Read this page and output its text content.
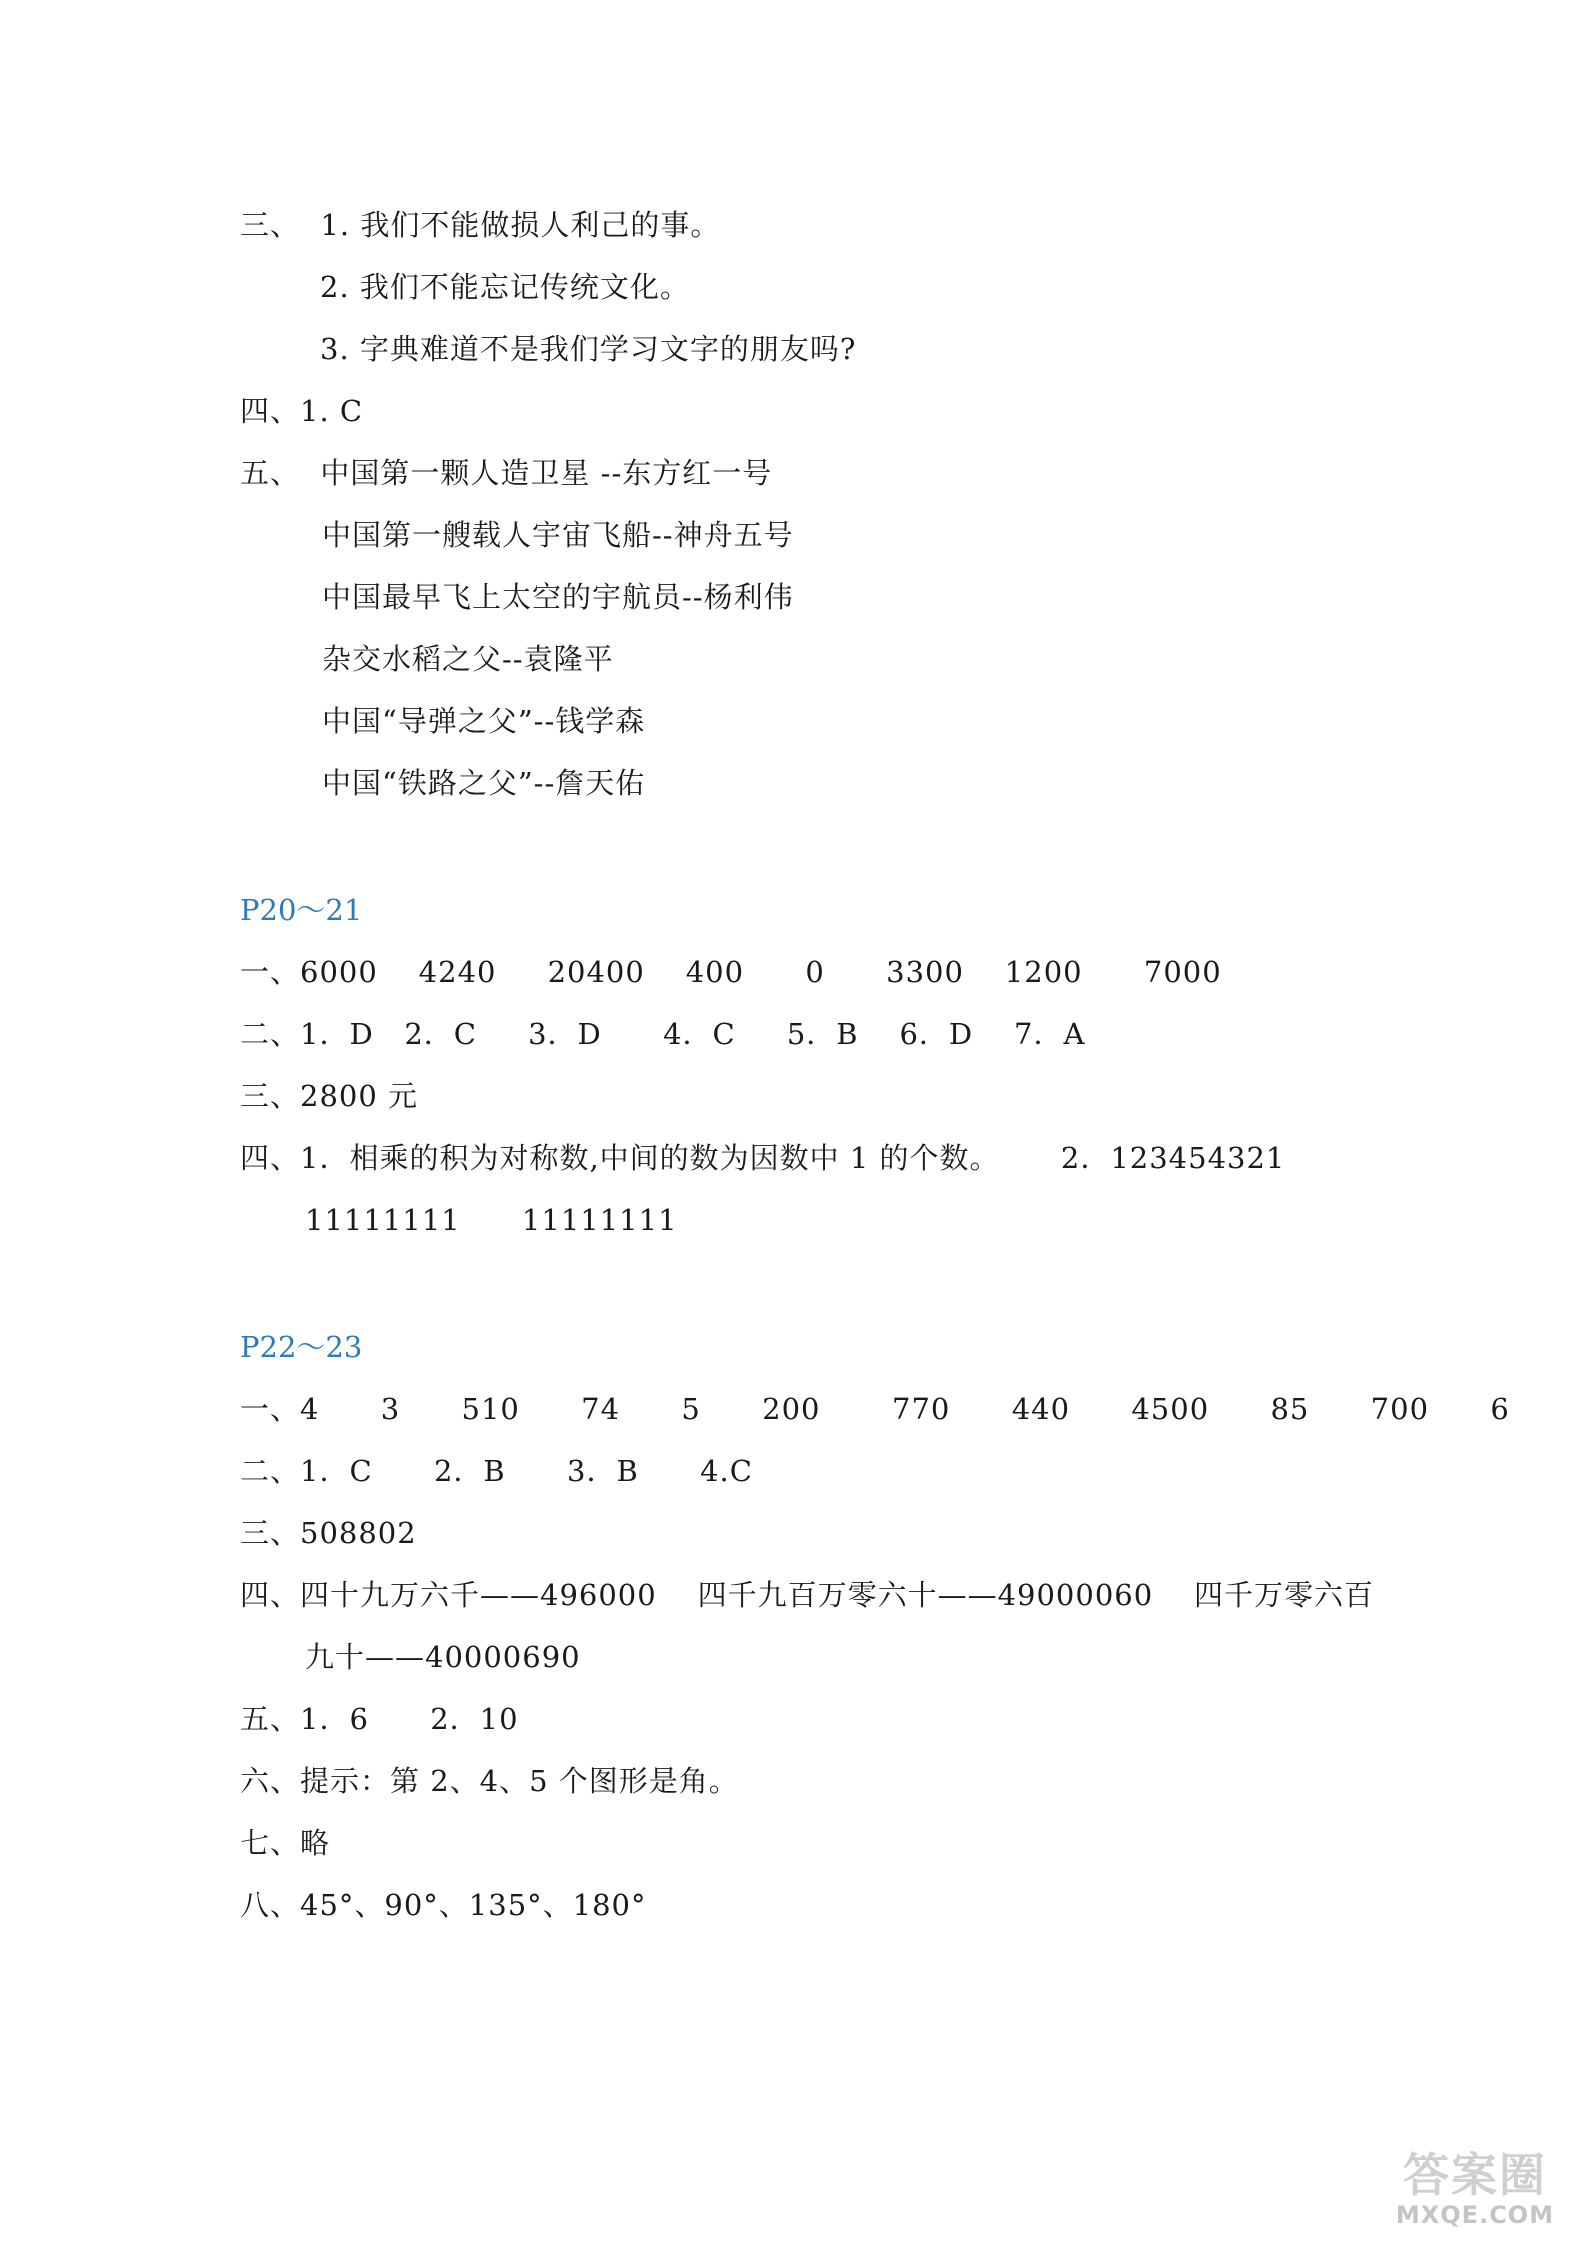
三、  1. 我们不能做损人利己的事。
2. 我们不能忘记传统文化。
3. 字典难道不是我们学习文字的朋友吗?
四、1. C
五、  中国第一颗人造卫星 --东方红一号
中国第一艘载人宇宙飞船--神舟五号
中国最早飞上太空的宇航员--杨利伟
杂交水稻之父--袁隆平
中国“导弹之父”--钱学森
中国“铁路之父”--詹天佑
P20～21
一、6000    4240     20400    400      0      3300    1200      7000
二、1．D   2．C     3．D      4．C     5．B    6．D    7．A
三、2800 元
四、1．相乘的积为对称数,中间的数为因数中 1 的个数。      2．123454321
11111111      11111111
P22～23
一、4      3      510      74      5      200       770      440      4500      85      700      6
二、1．C      2．B      3．B      4.C
三、508802
四、四十九万六千——496000    四千九百万零六十——49000060    四千万零六百
九十——40000690
五、1．6      2．10
六、提示：第 2、4、5 个图形是角。
七、略
八、45°、90°、135°、180°
答案圈
MXQE.COM
